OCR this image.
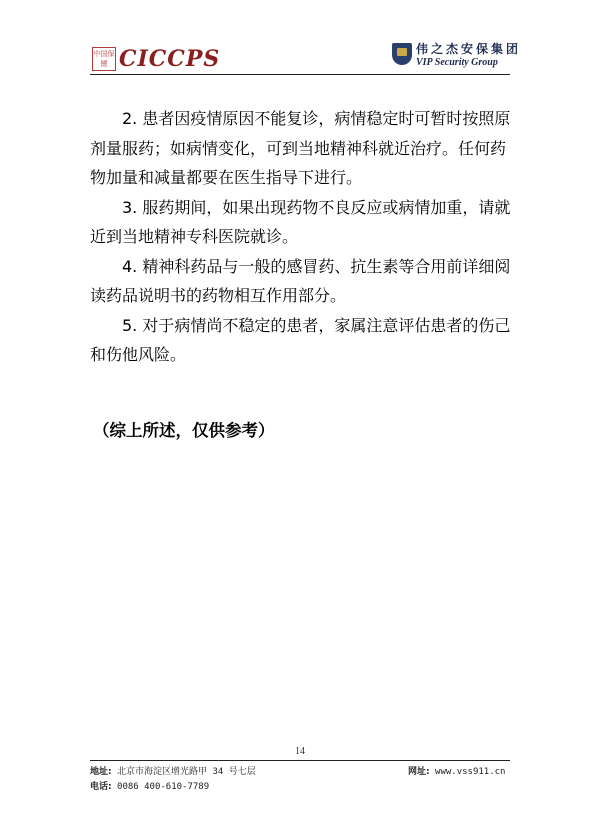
中国保镖 CICCPS	伟之杰安保集团
VIP Security Group

2. 患者因疫情原因不能复诊，病情稳定时可暂时按照原剂量服药；如病情变化，可到当地精神科就近治疗。任何药物加量和减量都要在医生指导下进行。

3. 服药期间，如果出现药物不良反应或病情加重，请就近到当地精神专科医院就诊。

4. 精神科药品与一般的感冒药、抗生素等合用前详细阅读药品说明书的药物相互作用部分。

5. 对于病情尚不稳定的患者，家属注意评估患者的伤己和伤他风险。

（综上所述，仅供参考）
14
地址: 北京市海淀区增光路甲 34 号七层
电话: 0086 400-610-7789
网址: www.vss911.cn
